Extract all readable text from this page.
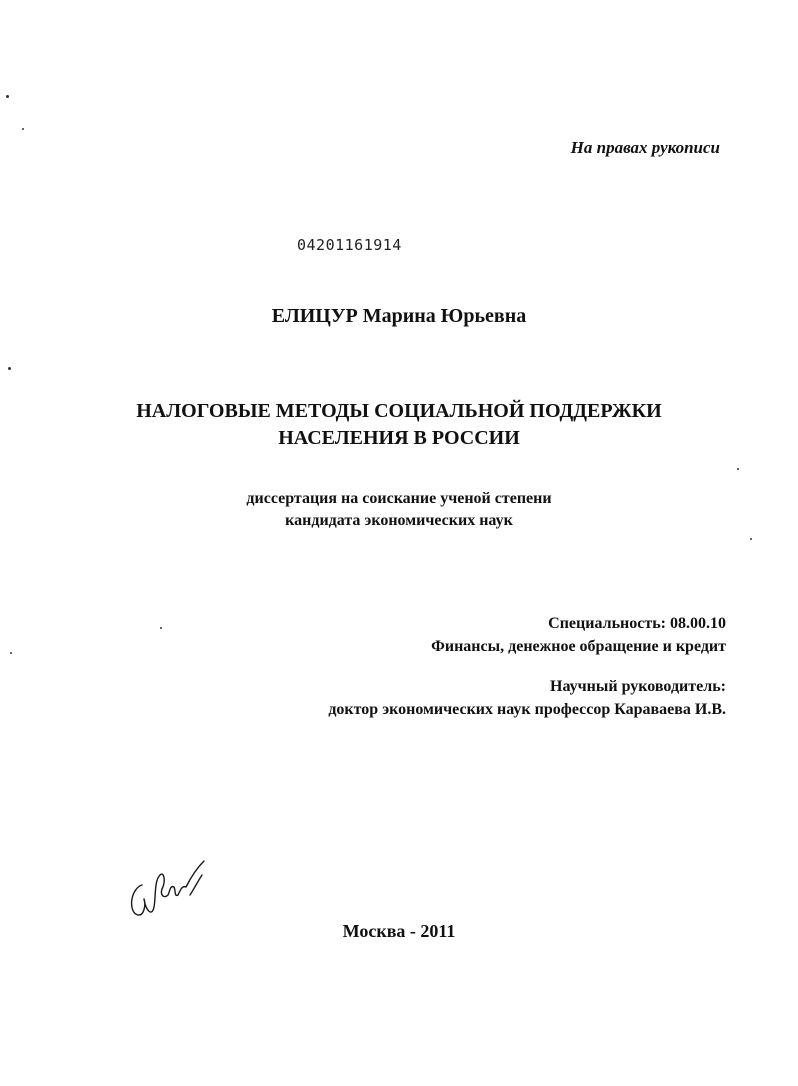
На правах рукописи
04201161914
ЕЛИЦУР Марина Юрьевна
НАЛОГОВЫЕ МЕТОДЫ СОЦИАЛЬНОЙ ПОДДЕРЖКИ
НАСЕЛЕНИЯ В РОССИИ
диссертация на соискание ученой степени
кандидата экономических наук
Специальность: 08.00.10
Финансы, денежное обращение и кредит
Научный руководитель:
доктор экономических наук профессор Караваева И.В.
Москва - 2011
